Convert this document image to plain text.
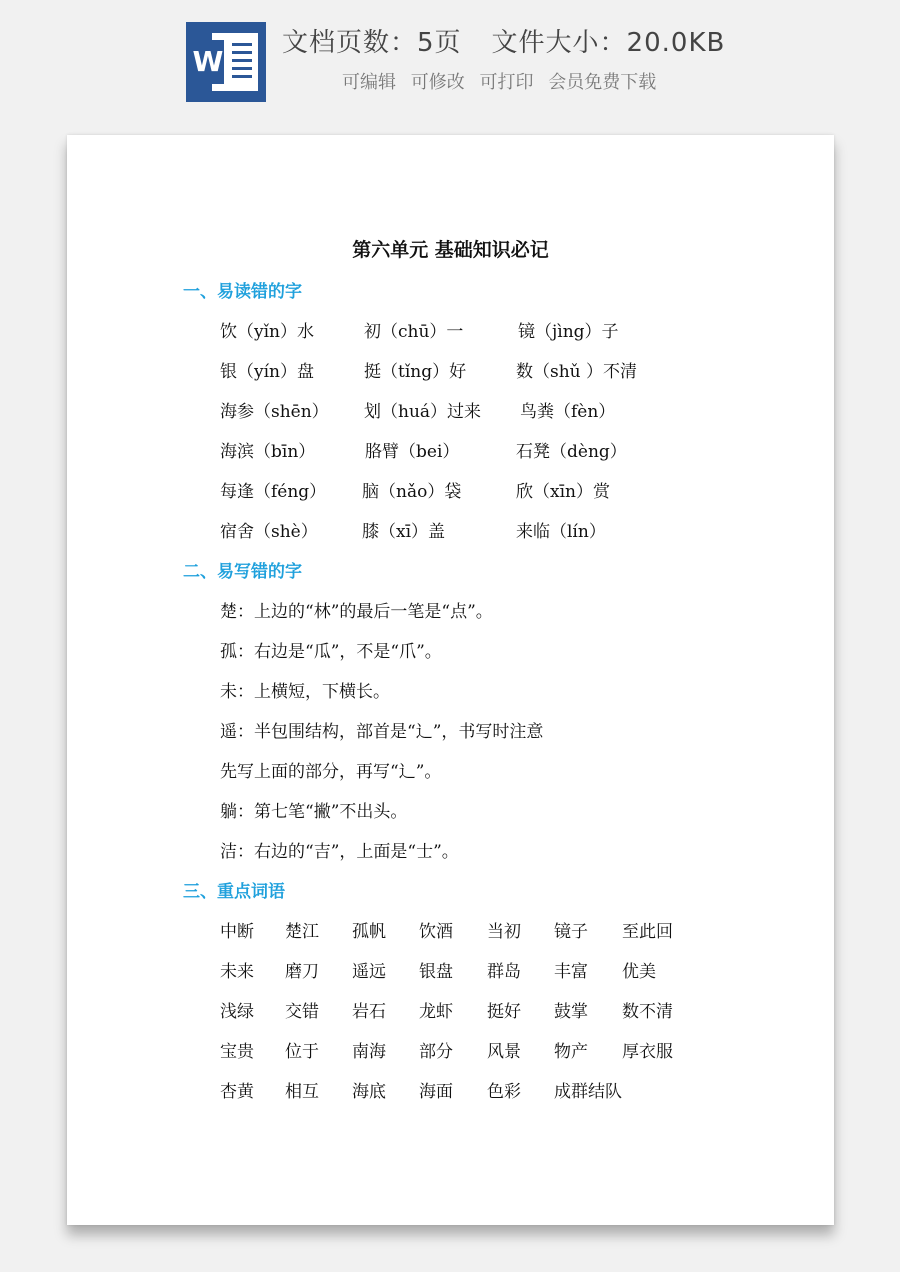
W
文档页数：5页 文件大小：20.0KB
可编辑 可修改 可打印 会员免费下载
第六单元 基础知识必记
一、易读错的字
饮（yǐn）水	初（chū）一	镜（jìng）子
银（yín）盘	挺（tǐng）好	数（shǔ ）不清
海参（shēn） 划（huá）过来 鸟粪（fèn）
海滨（bīn）	胳臂（bei）	石凳（dèng）
每逢（féng） 脑（nǎo）袋	欣（xīn）赏
宿舍（shè）	膝（xī）盖	来临（lín）
二、易写错的字
楚：上边的“林”的最后一笔是“点”。
孤：右边是“瓜”，不是“爪”。
未：上横短，下横长。
遥：半包围结构，部首是“辶”，书写时注意
先写上面的部分，再写“辶”。
躺：第七笔“撇”不出头。
洁：右边的“吉”，上面是“士”。
三、重点词语
中断 楚江 孤帆 饮酒 当初 镜子 至此回
未来 磨刀 遥远 银盘 群岛 丰富 优美
浅绿 交错 岩石 龙虾 挺好 鼓掌 数不清
宝贵 位于 南海 部分 风景 物产 厚衣服
杏黄 相互 海底 海面 色彩 成群结队
